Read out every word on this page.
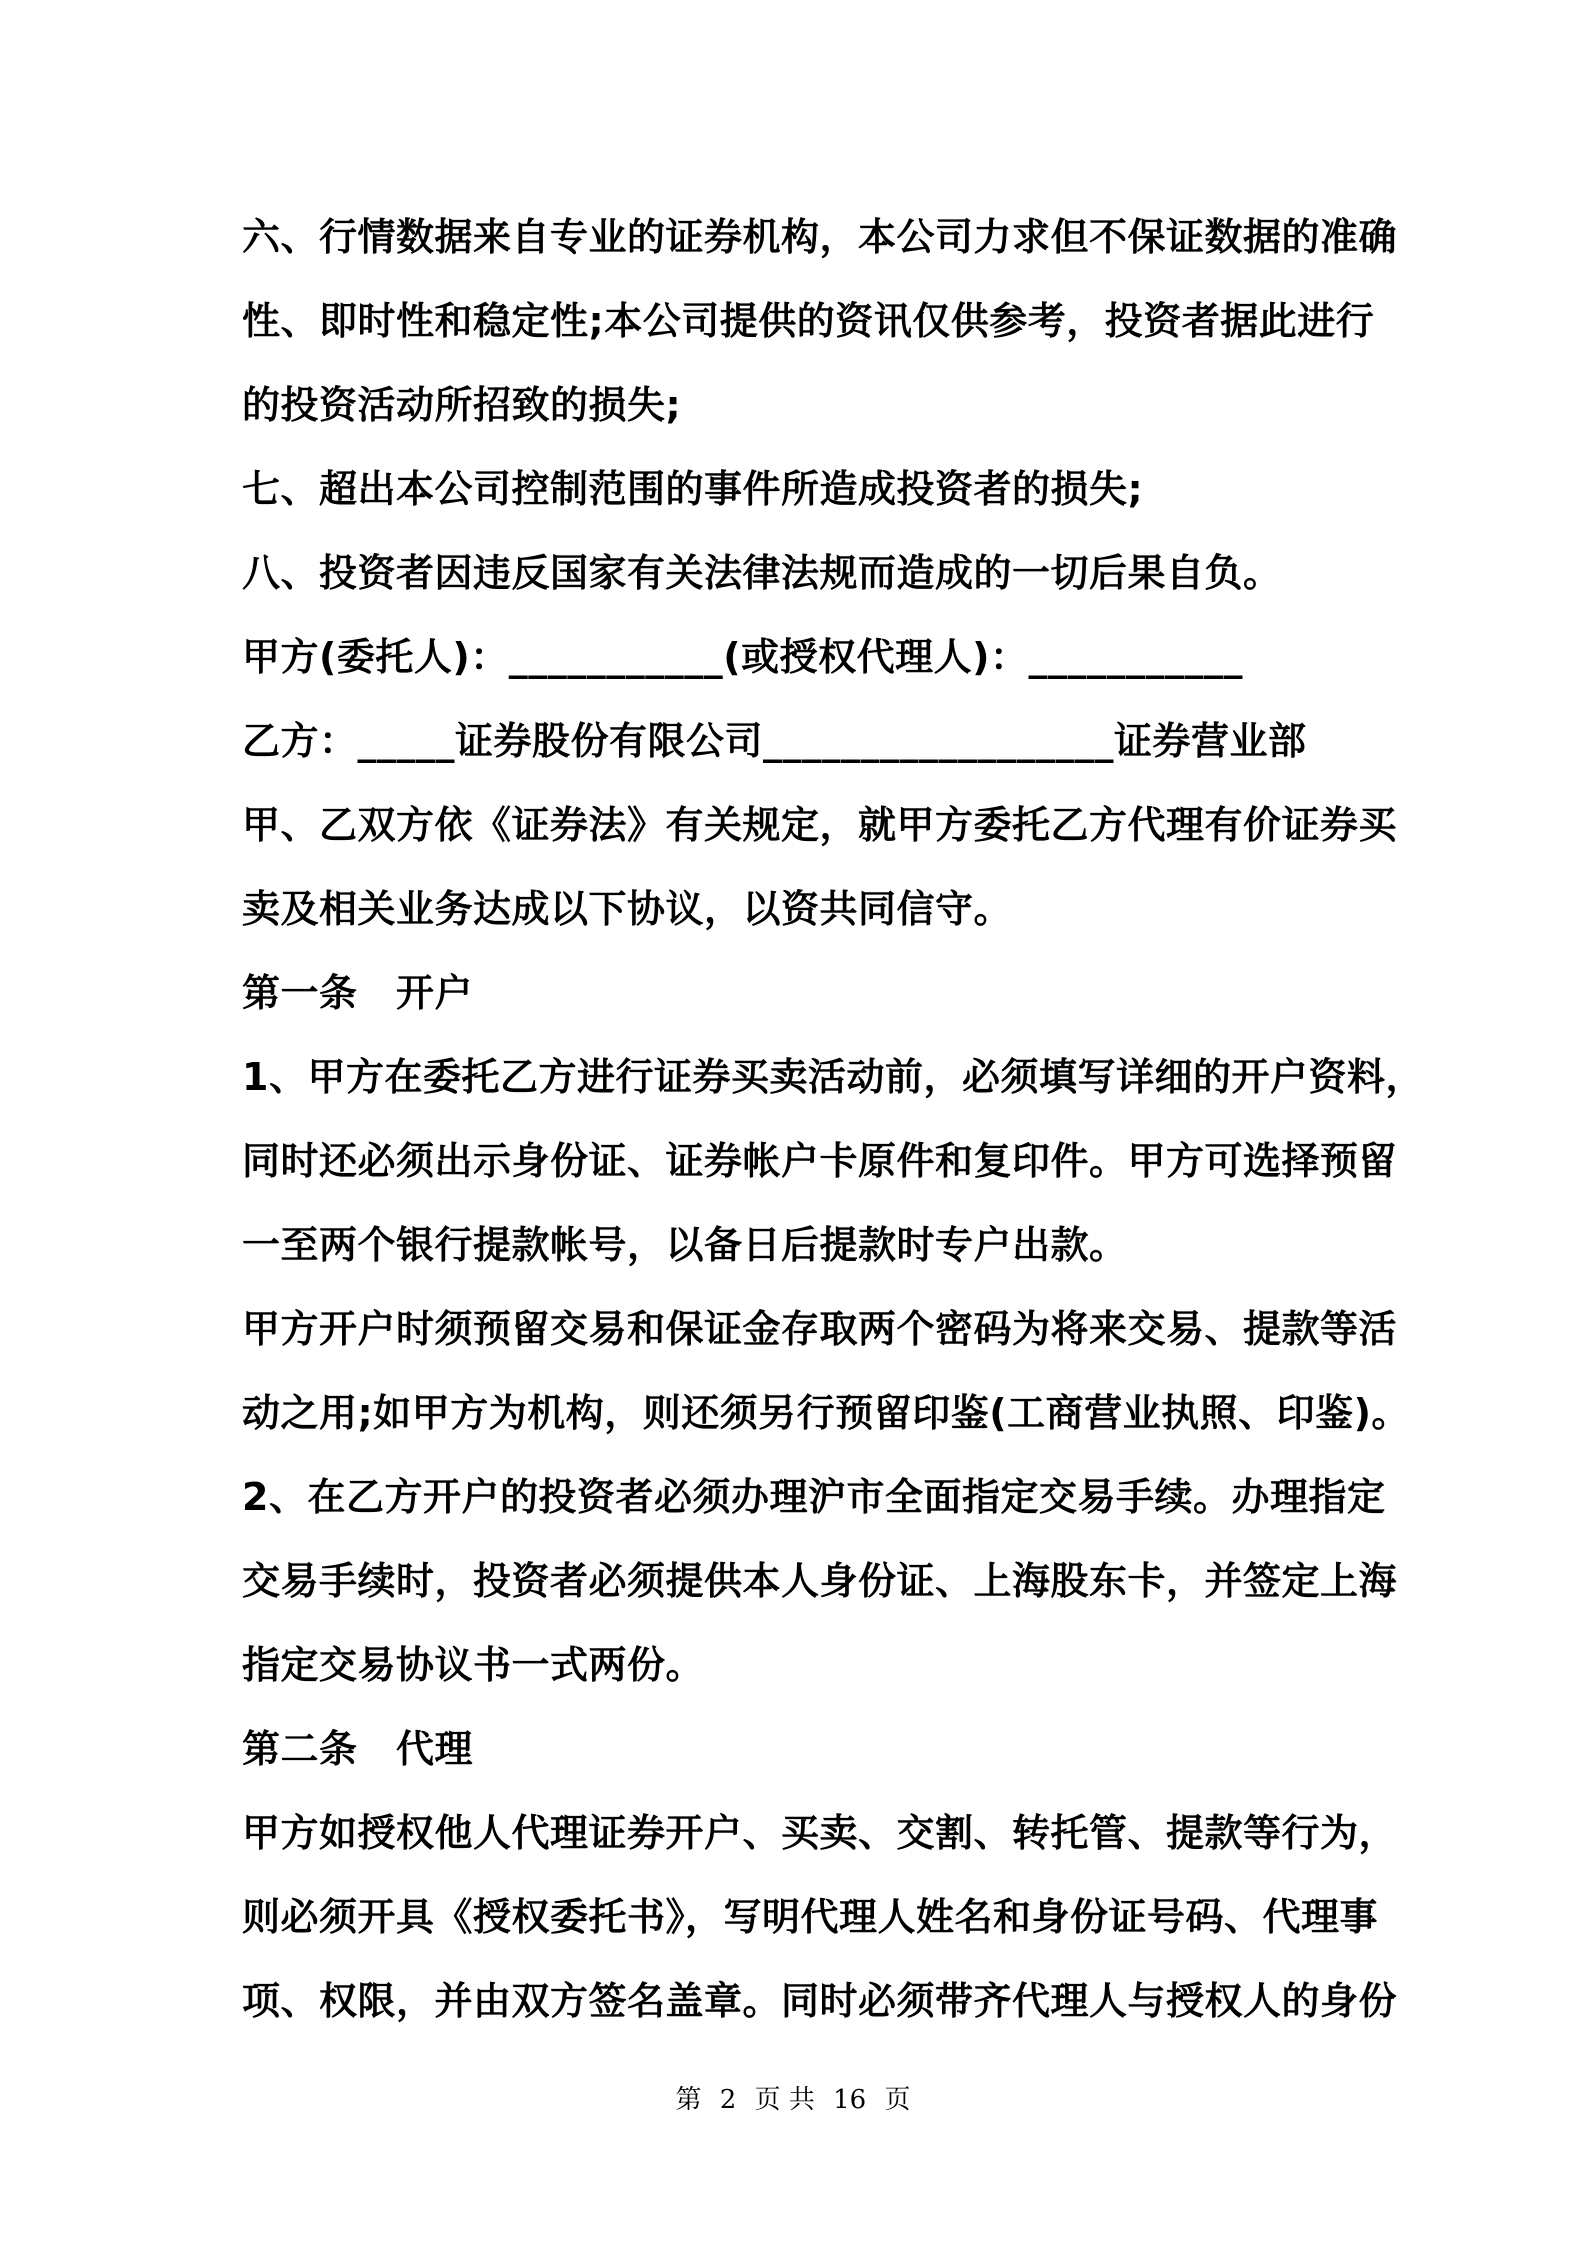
六、行情数据来自专业的证券机构，本公司力求但不保证数据的准确
性、即时性和稳定性;本公司提供的资讯仅供参考，投资者据此进行
的投资活动所招致的损失;
七、超出本公司控制范围的事件所造成投资者的损失;
八、投资者因违反国家有关法律法规而造成的一切后果自负。
甲方(委托人)：___________(或授权代理人)：___________
乙方：_____证券股份有限公司__________________证券营业部
甲、乙双方依《证券法》有关规定，就甲方委托乙方代理有价证券买
卖及相关业务达成以下协议，以资共同信守。
第一条　开户
1、甲方在委托乙方进行证券买卖活动前，必须填写详细的开户资料，
同时还必须出示身份证、证券帐户卡原件和复印件。甲方可选择预留
一至两个银行提款帐号，以备日后提款时专户出款。
甲方开户时须预留交易和保证金存取两个密码为将来交易、提款等活
动之用;如甲方为机构，则还须另行预留印鉴(工商营业执照、印鉴)。
2、在乙方开户的投资者必须办理沪市全面指定交易手续。办理指定
交易手续时，投资者必须提供本人身份证、上海股东卡，并签定上海
指定交易协议书一式两份。
第二条　代理
甲方如授权他人代理证券开户、买卖、交割、转托管、提款等行为，
则必须开具《授权委托书》，写明代理人姓名和身份证号码、代理事
项、权限，并由双方签名盖章。同时必须带齐代理人与授权人的身份
第 2 页 共 16 页
